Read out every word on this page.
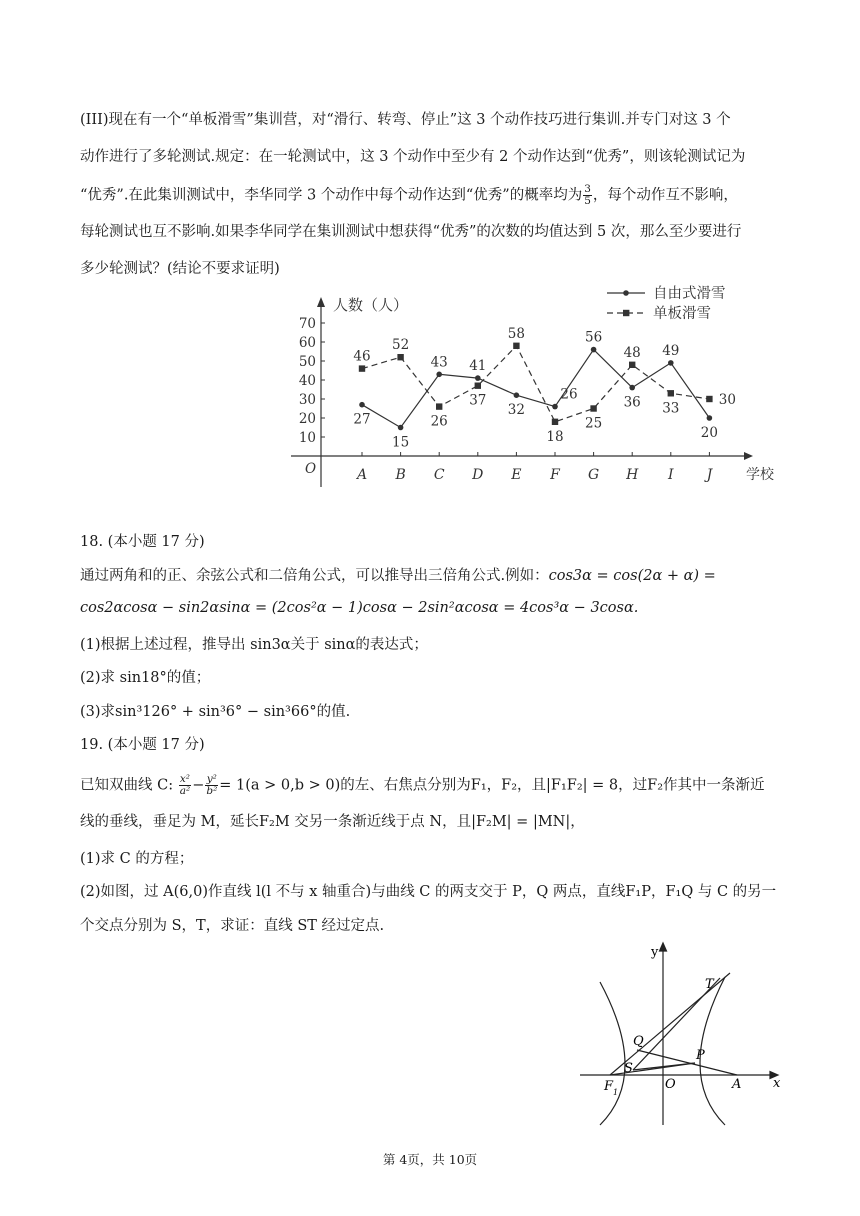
(III)现在有一个“单板滑雪”集训营，对“滑行、转弯、停止”这 3 个动作技巧进行集训.并专门对这 3 个
动作进行了多轮测试.规定：在一轮测试中，这 3 个动作中至少有 2 个动作达到“优秀”，则该轮测试记为
“优秀”.在此集训测试中，李华同学 3 个动作中每个动作达到“优秀”的概率均为 $\frac{3}{5}$ ，每个动作互不影响，
每轮测试也互不影响.如果李华同学在集训测试中想获得“优秀”的次数的均值达到 5 次，那么至少要进行
多少轮测试？(结论不要求证明)
10
20
30
40
50
60
70
O
人数（人）
学校
A B C D E F G H I J
27
15
43 41
32
26
56
36
49
20
46
52
26
37
58
18
25
48
33
30
自由式滑雪
单板滑雪
18. (本小题 17 分)
通过两角和的正、余弦公式和二倍角公式，可以推导出三倍角公式.例如：cos3α = cos(2α + α) =
cos2αcosα − sin2αsinα = (2cos²α − 1)cosα − 2sin²αcosα = 4cos³α − 3cosα.
(1)根据上述过程，推导出 sin3α关于 sinα的表达式；
(2)求 sin18°的值；
(3)求sin³126° + sin³6° − sin³66°的值.
19. (本小题 17 分)
已知双曲线 C: $\frac{\text{x²}}{\text{a²}} - \frac{\text{y²}}{\text{b²}} = 1(a > 0,b > 0)$的左、右焦点分别为F₁，F₂，且|F₁F₂| = 8，过F₂作其中一条渐近
线的垂线，垂足为 M，延长F₂M 交另一条渐近线于点 N，且|F₂M| = |MN|，
(1)求 C 的方程；
(2)如图，过 A(6,0)作直线 l(l 不与 x 轴重合)与曲线 C 的两支交于 P，Q 两点，直线F₁P，F₁Q 与 C 的另一
个交点分别为 S，T，求证：直线 ST 经过定点.
y
x
T
Q
P
S
O	A
$F_1$
第 4页，共 10页
